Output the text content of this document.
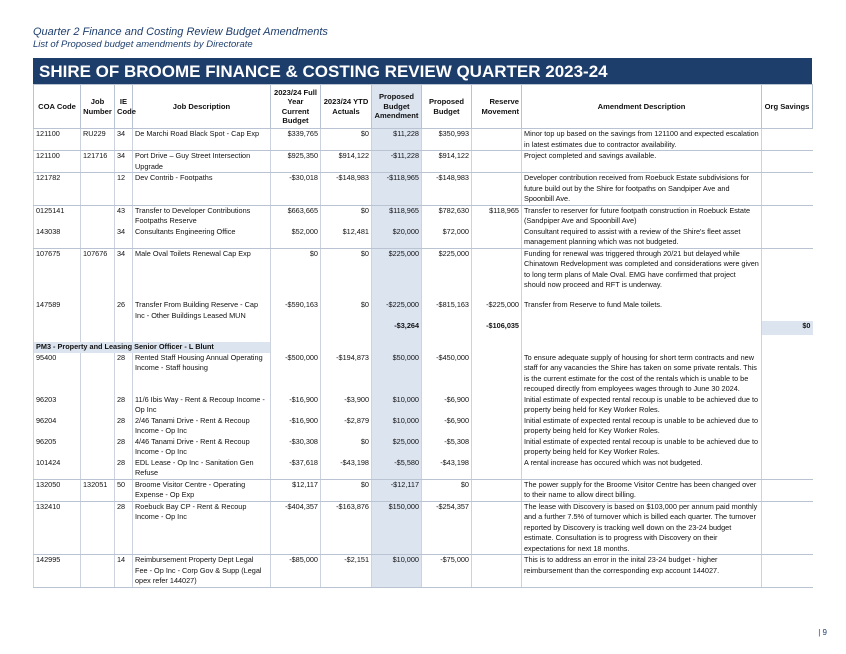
Quarter 2 Finance and Costing Review Budget Amendments
List of Proposed budget amendments by Directorate
SHIRE OF BROOME FINANCE & COSTING REVIEW QUARTER 2023-24
COA Code	Job Number	IE Code	Job Description	2023/24 Full Year Current Budget	2023/24 YTD Actuals	Proposed Budget Amendment	Proposed Budget	Reserve Movement	Amendment Description	Org Savings
121100	RU229	34	De Marchi Road Black Spot - Cap Exp	$339,765	$0	$11,228	$350,993		Minor top up based on the savings from 121100 and expected escalation in latest estimates due to contractor availability.	
121100	121716	34	Port Drive – Guy Street Intersection Upgrade	$925,350	$914,122	-$11,228	$914,122		Project completed and savings available.	
121782		12	Dev Contrib - Footpaths	-$30,018	-$148,983	-$118,965	-$148,983		Developer contribution received from Roebuck Estate subdivisions for future build out by the Shire for footpaths on Sandpiper Ave and Spoonbill Ave.	
0125141		43	Transfer to Developer Contributions Footpaths Reserve	$663,665	$0	$118,965	$782,630	$118,965	Transfer to reserver for future footpath construction in Roebuck Estate (Sandpiper Ave and Spoonbill Ave)	
143038		34	Consultants Engineering Office	$52,000	$12,481	$20,000	$72,000		Consultant required to assist with a review of the Shire's fleet asset management planning which was not budgeted.	
107675	107676	34	Male Oval Toilets Renewal Cap Exp	$0	$0	$225,000	$225,000		Funding for renewal was triggered through 20/21 but delayed while Chinatown Redvelopment was completed and considerations were given to long term plans of Male Oval. EMG have confirmed that project should now proceed and RFT is underway.	
147589		26	Transfer From Building Reserve - Cap Inc - Other Buildings Leased MUN	-$590,163	$0	-$225,000	-$815,163	-$225,000	Transfer from Reserve to fund Male toilets.	
						-$3,264		-$106,035		$0

PM3 - Property and Leasing Senior Officer - L Blunt										
95400		28	Rented Staff Housing Annual Operating Income - Staff housing	-$500,000	-$194,873	$50,000	-$450,000		To ensure adequate supply of housing for short term contracts and new staff for any vacancies the Shire has taken on some private rentals. This is the current estimate for the cost of the rentals which is unable to be recouped directly from employees wages through to June 30 2024.	
96203		28	11/6 Ibis Way - Rent & Recoup Income - Op Inc	-$16,900	-$3,900	$10,000	-$6,900		Initial estimate of expected rental recoup is unable to be achieved due to property being held for Key Worker Roles.	
96204		28	2/46 Tanami Drive - Rent & Recoup Income - Op Inc	-$16,900	-$2,879	$10,000	-$6,900		Initial estimate of expected rental recoup is unable to be achieved due to property being held for Key Worker Roles.	
96205		28	4/46 Tanami Drive - Rent & Recoup Income - Op Inc	-$30,308	$0	$25,000	-$5,308		Initial estimate of expected rental recoup is unable to be achieved due to property being held for Key Worker Roles.	
101424		28	EDL Lease - Op Inc - Sanitation Gen Refuse	-$37,618	-$43,198	-$5,580	-$43,198		A rental increase has occured which was not budgeted.	
132050	132051	50	Broome Visitor Centre - Operating Expense - Op Exp	$12,117	$0	-$12,117	$0		The power supply for the Broome Visitor Centre has been changed over to their name to allow direct billing.	
132410		28	Roebuck Bay CP - Rent & Recoup Income - Op Inc	-$404,357	-$163,876	$150,000	-$254,357		The lease with Discovery is based on $103,000 per annum paid monthly and a further 7.5% of turnover which is billed each quarter. The turnover reported by Discovery is tracking well down on the 23-24 budget estimate. Consultation is to progress with Discovery on their expectations for next 18 months.	
142995		14	Reimbursement Property Dept Legal Fee - Op Inc - Corp Gov & Supp (Legal opex refer 144027)	-$85,000	-$2,151	$10,000	-$75,000		This is to address an error in the inital 23-24 budget - higher reimbursement than the corresponding exp account 144027.	
| 9
